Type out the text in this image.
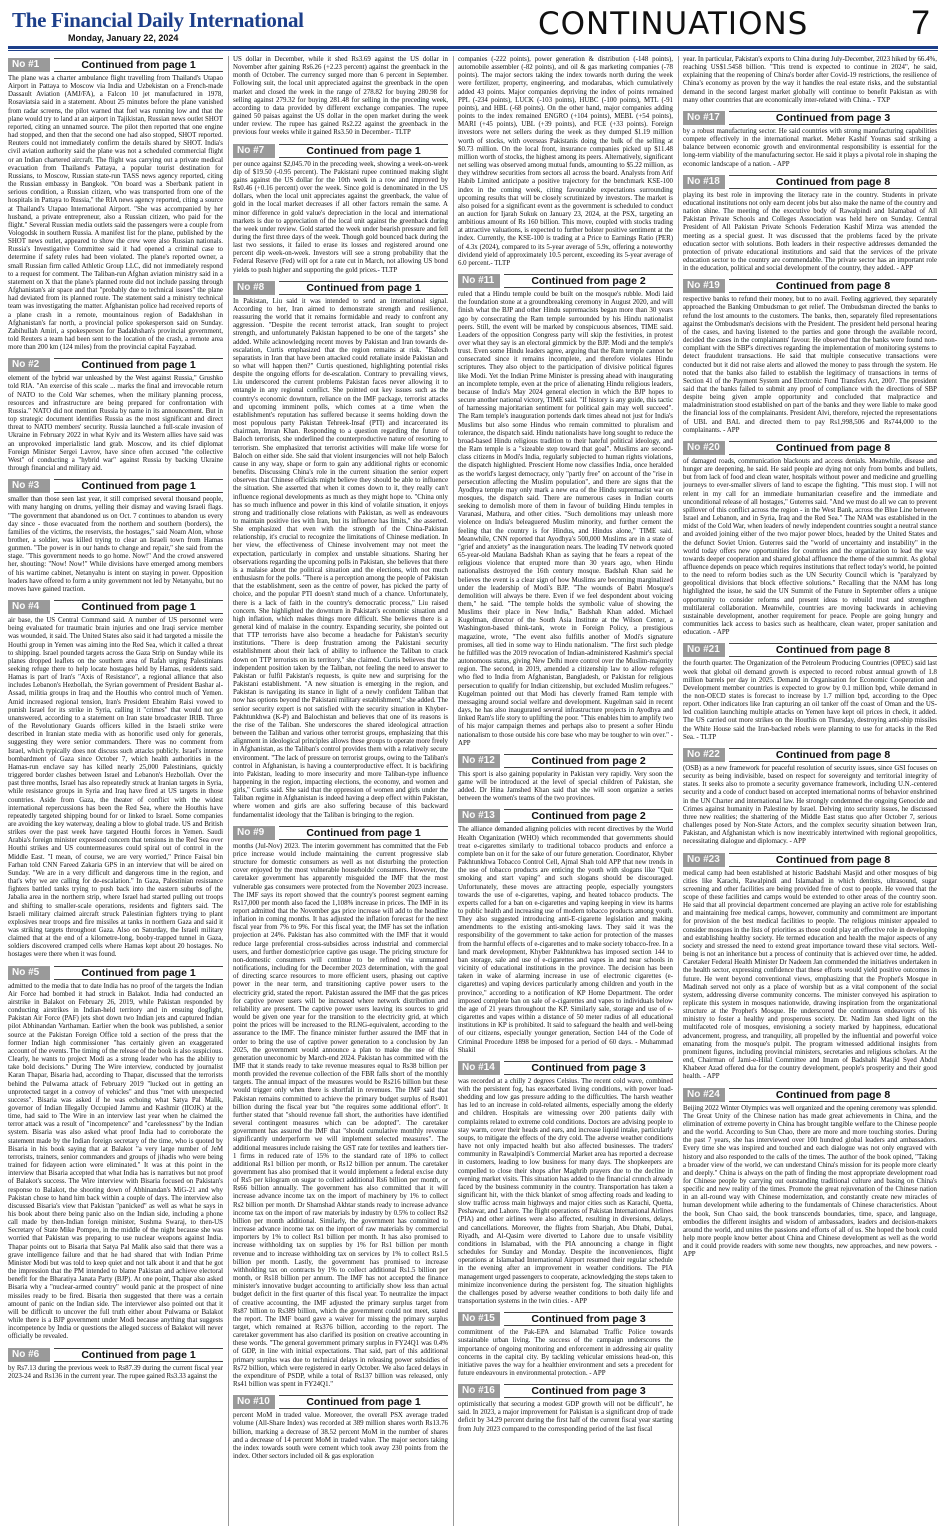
The Financial Daily International
Monday, January 22, 2024	CONTINUATIONS	7
No #1	Continued from page 1
The plane was a charter ambulance flight travelling from Thailand's Utapao Airport in Pattaya to Moscow via India and Uzbekistan on a French-made Dassault Aviation (AMJ/FA), a Falcon 10 jet manufactured in 1978, Rosaviatsia said in a statement. About 25 minutes before the plane vanished from radar screens, the pilot warned that fuel was running low and that the plane would try to land at an airport in Tajikistan, Russian news outlet SHOT reported, citing an unnamed source. The pilot then reported that one engine had stopped, and then that the second one had also stopped, SHOT reported. Reuters could not immediately confirm the details shared by SHOT. India's civil aviation authority said the plane was not a scheduled commercial flight or an Indian chartered aircraft. The flight was carrying out a private medical evacuation from Thailand's Pattaya, a popular tourist destination for Russians, to Moscow, Russian state-run TASS news agency reported, citing the Russian embassy in Bangkok. "On board was a Sberbank patient in serious condition, a Russian citizen, who was transported from one of the hospitals in Pattaya to Russia," the RIA news agency reported, citing a source at Thailand's Utapao International Airport. "She was accompanied by her husband, a private entrepreneur, also a Russian citizen, who paid for the flight." Several Russian media outlets said the passengers were a couple from Vologodsk in southern Russia. A manifest list for the plane, published by the SHOT news outlet, appeared to show the crew were also Russian nationals. Russia's Investigative Committee said it had opened a criminal case to determine if safety rules had been violated. The plane's reported owner, a small Russian firm called Athletic Group LLC, did not immediately respond to a request for comment. The Taliban-run Afghan aviation ministry said in a statement on X that the plane's planned route did not include passing through Afghanistan's air space and that "probably due to technical issues" the plane had deviated from its planned route. The statement said a ministry technical team was investigating the matter. Afghanistan police had received reports of a plane crash in a remote, mountainous region of Badakhshan in Afghanistan's far north, a provincial police spokesperson said on Sunday. Zabihullah Amiri, a spokesperson for Badakhshan's provincial government, told Reuters a team had been sent to the location of the crash, a remote area more than 200 km (124 miles) from the provincial capital Fayzabad.
No #2	Continued from page 1
element of the hybrid war unleashed by the West against Russia," Grushko told RIA. "An exercise of this scale ... marks the final and irrevocable return of NATO to the Cold War schemes, when the military planning process, resources and infrastructure are being prepared for confrontation with Russia." NATO did not mention Russia by name in its announcement. But in top strategic document identifies Russia as the most significant and direct threat to NATO members' security. Russia launched a full-scale invasion of Ukraine in February 2022 in what Kyiv and its Western allies have said was an unprovoked imperialistic land grab. Moscow, and its chief diplomat Foreign Minister Sergei Lavrov, have since often accused "the collective West" of conducting a "hybrid war" against Russia by backing Ukraine through financial and military aid.
No #3	Continued from page 1
smaller than those seen last year, it still comprised several thousand people, with many hanging on drums, yelling their dismay and waving Israeli flags. "The government that abandoned us on Oct. 7 continues to abandon us every day since - those evacuated from the northern and southern (borders), the families of the victims, the reservists, the hostages," said Noam Alon, whose brother, a soldier, was killed trying to clear an Israeli town from Hamas gunmen. "The power is in our hands to change and repair," she said from the stage. "This government needs to go home. Now!" And the crowd answered her, shouting: "Now! Now!" While divisions have emerged among members of his wartime cabinet, Netanyahu is intent on staying in power. Opposition leaders have offered to form a unity government not led by Netanyahu, but no moves have gained traction.
No #4	Continued from page 1
air base, the US Central Command said. A number of US personnel were being evaluated for traumatic brain injuries and one Iraqi service member was wounded, it said. The United States also said it had targeted a missile the Houthi group in Yemen was aiming into the Red Sea, which it called a threat to shipping. Israel pounded targets across the Gaza Strip on Sunday while its planes dropped leaflets on the southern area of Rafah urging Palestinians seeking refuge there to help locate hostages held by Hamas, residents said. Hamas is part of Iran's "Axis of Resistance", a regional alliance that also includes Lebanon's Hezbollah, the Syrian government of President Bashar al-Assad, militia groups in Iraq and the Houthis who control much of Yemen. Amid increased regional tension, Iran's President Ebrahim Raisi vowed to punish Israel for its strike in Syria, calling it "crimes" that would not go unanswered, according to a statement on Iran state broadcaster IRIB. Three of the Revolutionary Guards officers killed in the Israeli strike were described in Iranian state media with as honorific used only for generals, suggesting they were senior commanders. There was no comment from Israel, which typically does not discuss such attacks publicly. Israel's intense bombardment of Gaza since October 7, which health authorities in the Hamas-run enclave say has killed nearly 25,000 Palestinians, quickly triggered border clashes between Israel and Lebanon's Hezbollah. Over the past three months, Israel has also repeatedly struck at Iranian targets in Syria, while resistance groups in Syria and Iraq have fired at US targets in those countries. Aside from Gaza, the theater of conflict with the widest international repercussions has been the Red Sea, where the Houthis have repeatedly targeted shipping bound for or linked to Israel. Some companies are avoiding the key waterway, dealing a blow to global trade. US and British strikes over the past week have targeted Houthi forces in Yemen. Saudi Arabia's foreign minister expressed concern that tensions in the Red Sea over Houthi strikes and US countermeasures could spiral out of control in the Middle East. "I mean, of course, we are very worried," Prince Faisal bin Farhan told CNN Fareed Zakaria GPS in an interview that will be aired on Sunday. "We are in a very difficult and dangerous time in the region, and that's why we are calling for de-escalation." In Gaza, Palestinian resistance fighters battled tanks trying to push back into the eastern suburbs of the Jabalia area in the northern strip, where Israel had started pulling out troops and shifting to smaller-scale operations, residents and fighters said. The Israeli military claimed aircraft struck Palestinian fighters trying to plant explosives near troops and fire missiles at tanks in northern Gaza and said it was striking targets throughout Gaza. Also on Saturday, the Israeli military claimed that at the end of a kilometre-long, booby-trapped tunnel in Gaza, soldiers discovered cramped cells where Hamas kept about 20 hostages. No hostages were there when it was found.
No #5	Continued from page 1
admitted to the media that to date India has no proof of the targets the Indian Air Force had bombed it had struck in Balakot. India had conducted an airstrike in Balakot on February 26, 2019, while Pakistan responded by conducting airstrikes in Indian-held territory and in ensuing dogfight, Pakistan Air Force (PAF) jets shot down two Indian jets and captured Indian pilot Abhinandan Varthaman. Earlier when the book was published, a senior source at the Pakistan Foreign Office told a section of the press that the former Indian high commissioner "has certainly given an exaggerated account of the events. The timing of the release of the book is also suspicious. Clearly, he wants to project Modi as a strong leader who has the ability to take bold decisions." During The Wire interview, conducted by journalist Karan Thapar, Bisaria had, according to Thapar, discussed that the terrorists behind the Pulwama attack of February 2019 "lucked out in getting an unprotected target in a convoy of vehicles" and thus "met with unexpected success". Bisaria was asked if he was echoing what Satya Pal Malik, governor of Indian Illegally Occupied Jammu and Kashmir (IIOJK) at the time, had said to The Wire in an interview last year when he claimed the terror attack was a result of "incompetence" and "carelessness" by the Indian system. Bisaria was also asked what proof India had to corroborate the statement made by the Indian foreign secretary of the time, who is quoted by Bisaria in his book saying that at Balakot "a very large number of JeM terrorists, trainers, senior commanders and groups of jihadis who were being trained for fidayeen action were eliminated." It was at this point in the interview that Bisaria accepted that what India has is narratives but not proof of Balakot's success. The Wire interview with Bisaria focused on Pakistan's response to Balakot, the shooting down of Abhinandan's MiG-21 and why Pakistan chose to hand him back within a couple of days. The interview also discussed Bisaria's view that Pakistan "panicked" as well as what he says in his book about there being panic also on the Indian side, including a phone call made by then-Indian foreign minister, Sushma Swaraj, to then-US Secretary of State Mike Pompeo, in the middle of the night because she was worried that Pakistan was preparing to use nuclear weapons against India. Thapar points out to Bisaria that Satya Pal Malik also said that there was a grave intelligence failure and that he had shared that with Indian Prime Minister Modi but was told to keep quiet and not talk about it and that he got the impression that the PM intended to blame Pakistan and achieve electoral benefit for the Bharatiya Janata Party (BJP). At one point, Thapar also asked Bisaria why a "nuclear-armed country" would panic at the prospect of nine missiles ready to be fired. Bisaria then suggested that there was a certain amount of panic on the Indian side. The interviewer also pointed out that it will be difficult to uncover the full truth either about Pulwama or Balakot while there is a BJP government under Modi because anything that suggests incompetence by India or questions the alleged success of Balakot will never officially be revealed.
No #6	Continued from page 1
by Rs7.13 during the previous week to Rs87.39 during the current fiscal year 2023-24 and Rs136 in the current year. The rupee gained Rs3.33 against the
US dollar in December, while it shed Rs3.69 against the US dollar in November after gaining Rs6.26 (+2.23 percent) against the greenback in the month of October. The currency surged more than 6 percent in September. Following suit, the local unit appreciated against the greenback in the open market and closed the week in the range of 278.82 for buying 280.98 for selling against 279.32 for buying 281.48 for selling in the preceding week, according to data provided by different exchange companies. The rupee gained 50 paisas against the US dollar in the open market during the week under review. The rupee has gained Rs2.22 against the greenback in the previous four weeks while it gained Rs3.50 in December.- TLTP
No #7	Continued from page 1
per ounce against $2,045.70 in the preceding week, showing a week-on-week dip of $19.50 (-0.95 percent). The Pakistani rupee continued making slight gains against the US dollar for the 10th week in a row and improved by Rs0.46 (+0.16 percent) over the week. Since gold is denominated in the US dollars, when the local unit appreciates against the greenback, the value of gold in the local market decreases if all other factors remain the same. A minor difference in gold value's depreciation in the local and international markets is due to appreciation of the local unit against the greenback during the week under review. Gold started the week under bearish pressure and fell during the first three days of the week. Though gold bounced back during the last two sessions, it failed to erase its losses and registered around one percent dip week-on-week. Investors will see a strong probability that the Federal Reserve (Fed) will opt for a rate cut in March, not allowing US bond yields to push higher and supporting the gold prices.- TLTP
No #8	Continued from page 1
In Pakistan, Liu said it was intended to send an international signal. According to her, Iran aimed to demonstrate strength and resilience, reassuring the world that it remains formidable and ready to confront any aggression. "Despite the recent terrorist attack, Iran sought to project strength, and unfortunately Pakistan happened to be one of the targets" she added. While acknowledging recent moves by Pakistan and Iran towards de-escalation, Curtis emphasized that the region remains at risk. "Baloch separatists in Iran that have been attacked could retaliate inside Pakistan and so what will happen then?" Curtis questioned, highlighting potential risks despite the ongoing efforts for de-escalation. Contrary to prevailing views, Liu underscored the current problems Pakistan faces never allowing it to entangle in any regional conflict. She pointed out key issues such as the country's economic downturn, reliance on the IMF package, terrorist attacks and upcoming imminent polls, which comes at a time when the establishment's reputation has suffered because it seems holding down the most populous party Pakistan Tehreek-Insaf (PTI) and incarcerated its chairman, Imran Khan. Responding to a question regarding the future of Baloch terrorists, she underlined the counterproductive nature of resorting to terrorism. She emphasized that terrorist activities will make life worse for Baloch on either side. She said that violent insurgencies will not help Baloch cause in any way, shape or form to gain any additional rights or economic benefits. Discussing China's role in the current situation the senior expert observes that Chinese officials might believe they should be able to influence the situation. She asserted that when it comes down to it, they really can't influence regional developments as much as they might hope to. "China only has so much influence and power in this kind of volatile situation, it enjoys strong and traditionally close relations with Pakistan, as well as endeavours to maintain positive ties with Iran, but its influence has limits," she asserted. She emphasized that even with the strength of the China-Pakistan relationship, it's crucial to recognize the limitations of Chinese mediation. In her view, the effectiveness of Chinese involvement may not meet the expectation, particularly in complex and unstable situations. Sharing her observations regarding the upcoming polls in Pakistan, she believes that there is a malaise about the political situation and the elections, with not much enthusiasm for the polls. "There is a perception among the people of Pakistan that the establishment, seen as the centre of power, has picked the party of choice, and the popular PTI doesn't stand much of a chance. Unfortunately, there is a lack of faith in the country's democratic process," Liu raised concern. She highlighted the downturn in Pakistan's economic situation and high inflation, which makes things more difficult. She believes there is a general kind of malaise in the country. Expanding security, she pointed out that TTP terrorists have also become a headache for Pakistan's security institutions. "There is deep frustration among the Pakistani security establishment about their lack of ability to influence the Taliban to crack down on TTP terrorists on its territory," she claimed. Curtis believes that the independent position taken by the Taliban, not feeling the need to answer to Pakistan or fulfil Pakistan's requests, is quite new and surprising for the Pakistani establishment. "A new situation is emerging in the region, and Pakistan is navigating its stance in light of a newly confident Taliban that now has options beyond the Pakistani military establishment," she added. The senior security expert is not satisfied with the security situation in Khyber-Pakhtunkhwa (K-P) and Balochistan and believes that one of its reasons is the rise of the Taliban. She underscores the shared ideological attraction between the Taliban and various other terrorist groups, emphasizing that this alignment in ideological principles allows these groups to operate more freely in Afghanistan, as the Taliban's control provides them with a relatively secure environment. "The lack of pressure on terrorist groups, owing to the Taliban's control in Afghanistan, is having a counterproductive effect. It is backfiring into Pakistan, leading to more insecurity and more Taliban-type influence happening in the region, impacting elections, the economy, and women and girls," Curtis said. She said that the oppression of women and girls under the Taliban regime in Afghanistan is indeed having a deep effect within Pakistan, where women and girls are also suffering because of this backward fundamentalist ideology that the Taliban is bringing to the region.
No #9	Continued from page 1
months (Jul-Nov) 2023. The interim government has committed that the Feb price increase would include maintaining the current progressive slab structure for domestic consumers as well as not disturbing the protection cover enjoyed by the most vulnerable households/ consumers. However, the caretaker government has apparently misguided the IMF that the most vulnerable gas consumers were protected from the November 2023 increase. The IMF says its report showed that the country's poorest segment earning Rs17,000 per month also faced the 1,108% increase in prices. The IMF in its report admitted that the November gas price increase will add to the headline inflation in coming months. It has adjusted the inflation forecast for the next fiscal year from 7% to 9%. For this fiscal year, the IMF has set the inflation projection at 24%. Pakistan has also committed with the IMF that it would reduce large preferential cross-subsidies across industrial and commercial users, and further domestic/price captive gas usage. The pricing structure for non-domestic consumers will continue to be refined via unmanned notifications, including for the December 2023 determination, with the goal of directing scarce resources to more efficient users, phasing out captive power in the near term, and transitioning captive power users to the electricity grid, stated the report. Pakistan assured the IMF that the gas prices for captive power users will be increased where network distribution and reliability are present. The captive power users leaving its sources to grid would be given one year for the transition to the electricity grid, at which point the prices will be increased to the RLNG-equivalent, according to the assurance to the IMF. The finance minister further assured the IMF that in order to bring the use of captive power generation to a conclusion by Jan 2025, the government would announce a plan to make the use of this generation uneconomic by March-end 2024. Pakistan has committed with the IMF that it stands ready to take revenue measures equal to Rs38 billion per month provided the revenue collection of the FBR falls short of the monthly targets. The annual impact of the measures would be Rs216 billion but these would trigger only when there is shortfall in revenues. The IMF said that Pakistan remains committed to achieve the primary budget surplus of Rs401 billion during the fiscal year but "the requires some additional effort". It further stated that "should revenue fall short, the authorities have identified several contingent measures which can be adopted". The caretaker government has assured the IMF that "should cumulative monthly revenue significantly underperform we will implement selected measures". The additional measures include raising the GST rate for textiles and leathers tier-1 firms in reduced rate of 15% to the standard rate of 18% to collect additional Rs1 billion per month, or Rs12 billion per annum. The caretaker government has also promised that it would implement a federal excise duty of Rs5 per kilogram on sugar to collect additional Rs6 billion per month, or Rs66 billion annually. The government has also committed that it will increase advance income tax on the import of machinery by 1% to collect Rs2 billion per month. Dr Shamshad Akhtar stands ready to increase advance income tax on the import of raw materials by industry by 0.5% to collect Rs2 billion per month additional. Similarly, the government has committed to increase advance income tax on the import of raw materials by commercial importers by 1% to collect Rs1 billion per month. It has also promised to increase withholding tax on supplies by 1% for Rs1 billion per month revenue and to increase withholding tax on services by 1% to collect Rs1.5 billion per month. Lastly, the government has promised to increase withholding tax on contracts by 1% to collect additional Rs1.5 billion per month, or Rs18 billion per annum. The IMF has not accepted the finance minister's innovative budget accounting to artificially show less than actual budget deficit in the first quarter of this fiscal year. To neutralize the impact of creative accounting, the IMF adjusted the primary surplus target from Rs87 billion to Rs389 billion, which the government could not meet, stated the report. The IMF board gave a waiver for missing the primary surplus target, which remained at Rs376 billion, according to the report. The caretaker government has also clarified its position on creative accounting in these words. "The general government primary surplus in FY24Q1 was 0.4% of GDP, in line with initial expectations. That said, part of this additional primary surplus was due to technical delays in releasing power subsidies of Rs72 billion, which were registered in early October. We also faced delays in the expenditure of PSDP, while a total of Rs137 billion was released, only Rs41 billion was spent in FY24Q1."
No #10	Continued from page 1
percent MoM in traded value. Moreover, the overall PSX average traded volume (All-Share Index) was recorded at 389 million shares worth Rs13.76 billion, marking a decrease of 38.52 percent MoM in the number of shares and a decrease of 14 percent MoM in traded value. The major sectors taking the index towards south were cement which took away 230 points from the index. Other sectors included oil & gas exploration
companies (-222 points), power generation & distribution (-148 points), automobile assembler (-82 points), and oil & gas marketing companies (-78 points). The major sectors taking the index towards north during the week were fertilizer, property, engineering, and modarabas, which cumulatively added 43 points. Major companies depriving the index of points remained PPL (-234 points), LUCK (-103 points), HUBC (-100 points), MTL (-91 points), and HBL (-68 points). On the other hand, major companies adding points to the index remained ENGRO (+104 points), MEBL (+54 points), MARI (+45 points), UBL (+39 points), and FCE (+33 points). Foreign investors were net sellers during the week as they dumped $1.19 million worth of stocks, with overseas Pakistanis doing the bulk of the selling at $0.73 million. On the local front, insurance companies picked up $11.48 million worth of stocks, the highest among its peers. Alternatively, significant net selling was observed among mutual funds, amounting to $5.22 million, as they withdrew securities from sectors all across the board. Analysts from Arif Habib Limited anticipate a positive trajectory for the benchmark KSE-100 index in the coming week, citing favourable expectations surrounding upcoming results that will be closely scrutinized by investors. The market is also poised for a significant event as the government is scheduled to conduct an auction for Ijarah Sukuk on January 23, 2024, at the PSX, targeting an ambitious amount of Rs 160 billion. This move, coupled with stocks trading at attractive valuations, is expected to further bolster positive sentiment at the index. Currently, the KSE-100 is trading at a Price to Earnings Ratio (PER) of 4.3x (2024), compared to its 5-year average of 5.9x, offering a noteworthy dividend yield of approximately 10.5 percent, exceeding its 5-year average of 6.0 percent.- TLTP
No #11	Continued from page 2
ruled that a Hindu temple could be built on the mosque's rubble. Modi laid the foundation stone at a groundbreaking ceremony in August 2020, and will finish what the BJP and other Hindu supremacists began more than 30 years ago by consecrating the Ram temple surrounded by his Hindu nationalist peers. Still, the event will be marked by conspicuous absences, TIME said. Leaders of the opposition Congress party will skip the festivities, in protest over what they say is an electoral gimmick by the BJP. Modi and the temple's trust. Even some Hindu leaders agree, arguing that the Ram temple cannot be consecrated since it remains incomplete, and therefore violates Hindu scriptures. They also object to the participation of divisive political figures like Modi. Yet the Indian Prime Minister is pressing ahead with inaugurating an incomplete temple, even at the price of alienating Hindu religious leaders, because of India's May 2024 general election in which the BJP hopes to secure another national victory, TIME said. "If history is any guide, this tactic of harnessing majoritarian sentiment for political gain may well succeed". The Ram temple's inauguration portends dark times ahead not just for India's Muslims but also some Hindus who remain committed to pluralism and tolerance, the dispatch said. Hindu nationalists have long sought to reduce the broad-based Hindu religious tradition to their hateful political ideology, and the Ram temple is a "sizeable step toward that goal". Muslims are second-class citizens in Modi's India, regularly subjected to human rights violations, the dispatch highlighted. Prescient Home now classifies India, once heralded as the world's largest democracy, only "partly free" on account of the "rise in persecution affecting the Muslim population", and there are signs that the Ayodhya temple may only mark a new era of the Hindu supremacist war on mosques, the dispatch said. There are numerous cases in Indian courts seeking to demolish more of them in favour of building Hindu temples in Varanasi, Mathura, and other cities. "Such demolitions may unleash more violence on India's beleaguered Muslim minority, and further cement the feeling that the country is for Hindus, and Hindus alone," TIME said. Meanwhile, CNN reported that Ayodhya's 500,000 Muslims are in a state of "grief and anxiety" as the inauguration nears. The leading TV network quoted 65-year-old Maulana Badshah Khan as saying that he fears a repeat of the religious violence that erupted more than 30 years ago, when Hindu nationalists destroyed the 16th century mosque. Badshah Khan said he believes the event is a clear sign of how Muslims are becoming marginalized under the leadership of Modi's BJP. "The wounds of Babri Mosque's demolition will always be there. Even if we feel despondent about voicing them," he said. "The temple holds the symbolic value of showing the Muslims their place in New India," Badshah Khan added. Michael Kugelman, director of the South Asia Institute at the Wilson Center, a Washington-based think-tank, wrote in Foreign Policy, a prestigious magazine, wrote, "The event also fulfills another of Modi's signature promises, all tied in some way to Hindu nationalism. "The first such pledge he fulfilled was the 2019 revocation of Indian-administered Kashmir's special autonomous status, giving New Delhi more control over the Muslim-majority region. The second, in 2019, amended a citizenship law to allow refugees who fled to India from Afghanistan, Bangladesh, or Pakistan for religious persecution to qualify for Indian citizenship, but excluded Muslim refugees." Kugelman pointed out that Modi has cleverly framed Ram temple with messaging around social welfare and development. Kugelman said in recent days, he has also inaugurated several infrastructure projects in Ayodhya and linked Ram's life story to uplifting the poor. "This enables him to amplify two of his major campaign themes and perhaps also to present a softer Hindu nationalism to those outside his core base who may be tougher to win over." - APP
No #12	Continued from page 2
This sport is also gaining popularity in Pakistan very rapidly. Very soon the game will be introduced at the level of special children of Pakistan, she added. Dr Hina Jamshed Khan said that she will soon organize a series between the women's teams of the two provinces.
No #13	Continued from page 2
The alliance demanded aligning policies with recent directives by the World Health Organization (WHO) which recommended that governments should treat e-cigarettes similarly to traditional tobacco products and enforce a complete ban on it for the sake of our future generation. Coordinator, Khyber Pakhtunkhwa Tobacco Control Cell, Ajmal Shah told APP that new trends in the use of tobacco products are enticing the youth with slogans like "Quit smoking and start vaping" and such slogans should be discouraged. Unfortunately, these moves are attracting people, especially youngsters towards the use of e-cigarettes, vaping, and heated tobacco products. The experts called for a ban on e-cigarettes and vaping keeping in view its harms to public health and increasing use of modern tobacco products among youth. They also suggested introducing anti-E-cigarette legislation and making amendments to the existing anti-smoking laws. They said it was the responsibility of the government to take action for protection of the masses from the harmful effects of e-cigarettes and to make society tobacco-free. In a land mark development, Khyber Pakhtunkhwa has imposed section 144 to ban storage, sale and use of e-cigarettes and vapes in and near schools in vicinity of educational institutions in the province. The decision has been taken in wake of alarming increase in use of electronic cigarettes (e-cigarettes) and vaping devices particularly among children and youth in the province," according to a notification of KP Home Department. The order imposed complete ban on sale of e-cigarettes and vapes to individuals below the age of 21 years throughout the KP. Similarly sale, storage and use of e-cigarettes and vapes within a distance of 50 meter radius of all educational institutions in KP is prohibited. It said to safeguard the health and well-being of our citizens, especially younger generation, Section 144 of the Code of Criminal Procedure 1898 be imposed for a period of 60 days. - Muhammad Shakil
No #14	Continued from page 3
was recorded at a chilly 2 degrees Celsius. The recent cold wave, combined with the persistent fog, has exacerbated living conditions, with power load-shedding and low gas pressure adding to the difficulties. The harsh weather has led to an increase in cold-related ailments, especially among the elderly and children. Hospitals are witnessing over 200 patients daily with complaints related to extreme cold conditions. Doctors are advising people to stay warm, cover their heads and ears, and increase liquid intake, particularly soups, to mitigate the effects of the dry cold. The adverse weather conditions have not only impacted health but also affected businesses. The traders' community in Rawalpindi's Commercial Market area has reported a decrease in customers, leading to low business for many days. The shopkeepers are compelled to close their shops after Maghrib prayers due to the decline in evening market visits. This situation has added to the financial crunch already faced by the business community in the country. Transportation has taken a significant hit, with the thick blanket of smog affecting roads and leading to slow traffic across main highways and major cities such as Karachi, Quetta, Peshawar, and Lahore. The flight operations of Pakistan International Airlines (PIA) and other airlines were also affected, resulting in diversions, delays, and cancellations. Moreover, the flights from Sharjah, Abu Dhabi, Dubai, Riyadh, and Al-Qasim were diverted to Lahore due to unsafe visibility conditions in Islamabad, with the PIA announcing a change in flight schedules for Sunday and Monday. Despite the inconveniences, flight operations at Islamabad International Airport resumed their regular schedule in the evening after an improvement in weather conditions. The PIA management urged passengers to cooperate, acknowledging the steps taken to minimize inconvenience during the persistent fog. The situation highlights the challenges posed by adverse weather conditions to both daily life and transportation systems in the twin cities. - APP
No #15	Continued from page 3
commitment of the Pak-EPA and Islamabad Traffic Police towards sustainable urban living. The success of the campaign underscores the importance of ongoing monitoring and enforcement in addressing air quality concerns in the capital city. By tackling vehicular emissions head-on, this initiative paves the way for a healthier environment and sets a precedent for future endeavours in environmental protection. - APP
No #16	Continued from page 3
optimistically that securing a modest GDP growth will not be difficult", he said. In 2023, a major improvement for Pakistan is a significant drop of trade deficit by 34.29 percent during the first half of the current fiscal year starting from July 2023 compared to the corresponding period of the last fiscal
year. In particular, Pakistan's exports to China during July-December, 2023 hiked by 66.4%, reaching US$1.5458 billion. "This trend is expected to continue in 2024", he said, explaining that the reopening of China's border after Covid-19 restrictions, the resilience of China's economy as proven by the way it handles the real estate risks, and the substantial demand in the second largest market globally will continue to benefit Pakistan as with many other countries that are economically inter-related with China. - TXP
No #17	Continued from page 3
by a robust manufacturing sector. He said countries with strong manufacturing capabilities compete effectively in the international market. Meher Kashif Younas said striking a balance between economic growth and environmental responsibility is essential for the long-term viability of the manufacturing sector. He said it plays a pivotal role in shaping the economic landscape of a nation. - APP
No #18	Continued from page 8
playing its best role in improving the literacy rate in the country. Students in private educational institutions not only earn decent jobs but also make the name of the country and nation shine. The meeting of the executive body of Rawalpindi and Islamabad of All Pakistan Private Schools and Colleges Association was held here on Sunday. Central President of All Pakistan Private Schools Federation Kashif Mirza was attended the meeting as a special guest. It was discussed that the problems faced by the private education sector with solutions. Both leaders in their respective addresses demanded the protection of private educational institutions and said that the services of the private education sector to the country are commendable. The private sector has an important role in the education, political and social development of the country, they added. - APP
No #19	Continued from page 8
respective banks to refund their money, but to no avail. Feeling aggrieved, they separately approached the Banking Ombudsman to get relief. The Ombudsman directed the banks to refund the lost amounts to the customers. The banks, then, separately filed representations against the Ombudsman's decisions with the President. The president held personal hearing of the cases, and having listened to the parties and gone through the available record, decided the cases in the complainants' favour. He observed that the banks were found non-compliant with the SBP's directives regarding the implementation of monitoring systems to detect fraudulent transactions. He said that multiple consecutive transactions were conducted but it did not raise alerts and allowed the money to pass through the system. He noted that the banks also failed to establish the legitimacy of transactions in terms of Section 41 of the Payment System and Electronic Fund Transfers Act, 2007. The president said that the banks failed to submit any proof of compliance with the directions of SBP despite being given ample opportunity and concluded that malpractice and maladministration stood established on part of the banks and they were liable to make good the financial loss of the complainants. President Alvi, therefore, rejected the representations of UBL and BAL and directed them to pay Rs1,998,506 and Rs744,000 to the complainants. - APP
No #20	Continued from page 8
of damaged roads, communication blackouts and access denials. Meanwhile, disease and hunger are deepening, he said. He said people are dying not only from bombs and bullets, but from lack of food and clean water, hospitals without power and medicine and gruelling journeys to ever-smaller slivers of land to escape the fighting. "This must stop. I will not relent in my call for an immediate humanitarian ceasefire and the immediate and unconditional release of all hostages," Guterres said. "And we must do all we can to prevent spillover of this conflict across the region - in the West Bank, across the Blue Line between Israel and Lebanon, and in Syria, Iraq and the Red Sea." The NAM was established in the midst of the Cold War, when leaders of newly independent countries sought a neutral stance and avoided joining either of the two major power blocs, headed by the United States and the defunct Soviet Union. Guterres said the "world of uncertainty and instability" in the world today offers new opportunities for countries and the organization to lead the way towards deeper cooperation and shared global affluence the theme of the summit. As global affluence depends on peace which requires institutions that reflect today's world, he pointed to the need to reform bodies such as the UN Security Council which is "paralyzed by geopolitical divisions that block effective solutions." Recalling that the NAM has long highlighted the issue, he said the UN Summit of the Future in September offers a unique opportunity to consider reforms and present ideas to rebuild trust and strengthen multilateral collaboration. Meanwhile, countries are moving backwards in achieving sustainable development, another requirement for peace. People are going hungry and communities lack access to basics such as healthcare, clean water, proper sanitation and education. - APP
No #21	Continued from page 8
the fourth quarter. The Organization of the Petroleum Producing Countries (OPEC) said last week that global oil demand growth is expected to record robust annual growth of 1.8 million barrels per day in 2025. Demand in Organisation for Economic Cooperation and Development member countries is expected to grow by 0.1 million bpd, while demand in the non-OECD states is forecast to increase by 1.7 million bpd, according to the Opec report. Other indicators like Iran capturing an oil tanker off the coast of Oman and the US-led coalition launching multiple attacks on Yemen have kept oil prices in check, it added. The US carried out more strikes on the Houthis on Thursday, destroying anti-ship missiles the White House said the Iran-backed rebels were planning to use for attacks in the Red Sea. - TLTP
No #22	Continued from page 8
(OSB) as a new framework for peaceful resolution of security issues, since GSI focuses on security as being indivisible, based on respect for sovereignty and territorial integrity of states. It seeks also to promote a security governance framework, including U.N.-centered security and a code of conduct based on accepted international norms of behavior enshrined in the UN Charter and international law. He strongly condemned the ongoing Genocide and Crimes against humanity in Palestine by Israel. Delving into security issues, he discussed three new realities; the shattering of the Middle East status quo after October 7, serious challenges posed by Non-State Actors, and the complex security situation between Iran, Pakistan, and Afghanistan which is now inextricably intertwined with regional geopolitics, necessitating dialogue and diplomacy. - APP
No #23	Continued from page 8
medical camp had been established at historic Badshahi Masjid and other mosques of big cities like Karachi, Rawalpindi and Islamabad in which dentists, ultrasound, sugar screening and other facilities are being provided free of cost to people. He vowed that the scope of these facilities and camps would be extended to other areas of the country soon. He said that all provincial department concerned are playing an active role for establishing and maintaining free medical camps, however, community and commitment are important for provision of the best medical facilities to people. The religious minister appealed to consider mosques in the lists of priorities as those could play an effective role in developing and establishing healthy society. He termed education and health the major aspects of any society and stressed the need to extend great importance toward these vital sectors. Well-being is not an inheritance but a process of continuity that is achieved over time, he added. Caretaker Federal Health Minister Dr Nadeem Jan commended the initiatives undertaken in the health sector, expressing confidence that these efforts would yield positive outcomes in future. He went beyond conventional views, emphasizing that the Prophet's Mosque in Madinah served not only as a place of worship but as a vital component of the social system, addressing diverse community concerns. The minister conveyed his aspiration to replicate this system in mosques nationwide, drawing inspiration from the organizational structure at the Prophet's Mosque. He underscored the continuous endeavours of his ministry to foster a healthy and prosperous society. Dr. Nadim Jan shed light on the multifaceted role of mosques, envisioning a society marked by happiness, educational advancement, progress, and tranquility, all propelled by the influential and powerful voice emanating from the mosque's pulpit. The program witnessed additional insights from prominent figures, including provincial ministers, secretaries and religious scholars. At the end, Chairman of Jami-e-Hilal Committee and Imam of Badshahi Masjid Syed Abdul Khabeer Azad offered dua for the country development, people's prosperity and their good health. - APP
No #24	Continued from page 8
Beijing 2022 Winter Olympics was well organized and the opening ceremony was splendid. The Great Unity of the Chinese nation has made great achievements in China, and the elimination of extreme poverty in China has brought tangible welfare to the Chinese people and the world. According to Sun Chao, there are more and more touching stories. During the past 7 years, she has interviewed over 100 hundred global leaders and ambassadors. Every time she was inspired and touched and each dialogue was not only engraved with history and also responded to the calls of the times. The author of the book opined, "Taking a broader view of the world, we can understand China's mission for its people more clearly and deeply." China is always on the path of finding the most appropriate development road for Chinese people by carrying out outstanding traditional culture and basing on China's specific and new reality of the times. Promote the great rejuvenation of the Chinese nation in an all-round way with Chinese modernization, and constantly create new miracles of human development while adhering to the fundamentals of Chinese characteristics. About the book, Sun Chao said, the book transcends boundaries, time, space, and language, embodies the different insights and wisdom of ambassadors, leaders and decision-makers around the world, and unites the passions and efforts of all of us. She hoped the book could help more people know better about China and Chinese development as well as the world and it could provide readers with some new thoughts, new approaches, and new powers. - APP
